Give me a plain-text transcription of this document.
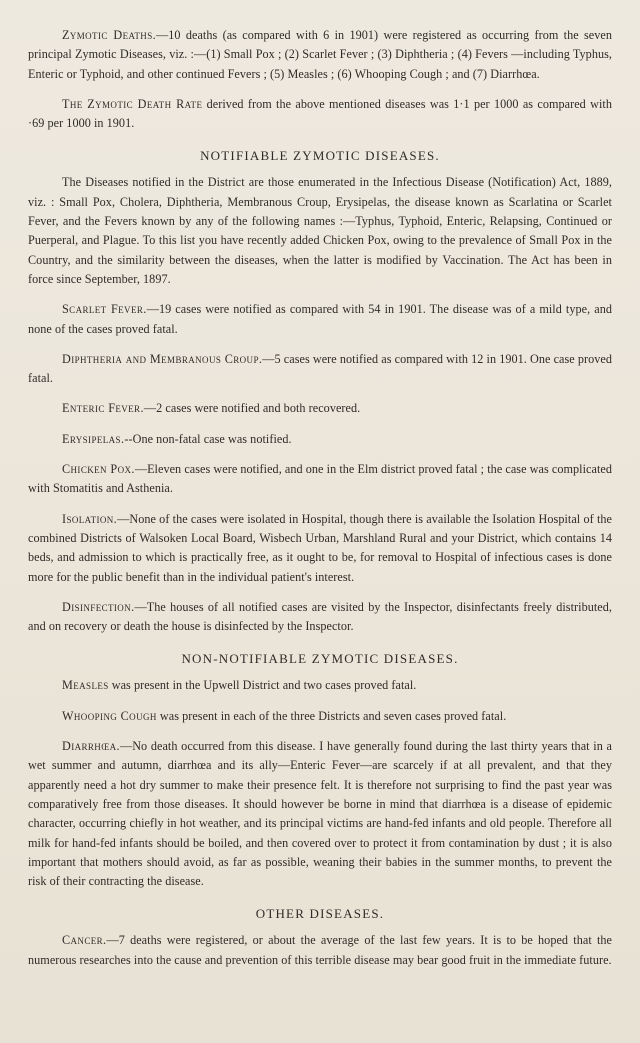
Zymotic Deaths.—10 deaths (as compared with 6 in 1901) were registered as occurring from the seven principal Zymotic Diseases, viz. :—(1) Small Pox ; (2) Scarlet Fever ; (3) Diphtheria ; (4) Fevers —including Typhus, Enteric or Typhoid, and other continued Fevers ; (5) Measles ; (6) Whooping Cough ; and (7) Diarrhœa.

The Zymotic Death Rate derived from the above mentioned diseases was 1·1 per 1000 as compared with ·69 per 1000 in 1901.

NOTIFIABLE ZYMOTIC DISEASES.

The Diseases notified in the District are those enumerated in the Infectious Disease (Notification) Act, 1889, viz. : Small Pox, Cholera, Diphtheria, Membranous Croup, Erysipelas, the disease known as Scarlatina or Scarlet Fever, and the Fevers known by any of the following names :—Typhus, Typhoid, Enteric, Relapsing, Continued or Puerperal, and Plague. To this list you have recently added Chicken Pox, owing to the prevalence of Small Pox in the Country, and the similarity between the diseases, when the latter is modified by Vaccination. The Act has been in force since September, 1897.

Scarlet Fever.—19 cases were notified as compared with 54 in 1901. The disease was of a mild type, and none of the cases proved fatal.

Diphtheria and Membranous Croup.—5 cases were notified as compared with 12 in 1901. One case proved fatal.

Enteric Fever.—2 cases were notified and both recovered.

Erysipelas.--One non-fatal case was notified.

Chicken Pox.—Eleven cases were notified, and one in the Elm district proved fatal ; the case was complicated with Stomatitis and Asthenia.

Isolation.—None of the cases were isolated in Hospital, though there is available the Isolation Hospital of the combined Districts of Walsoken Local Board, Wisbech Urban, Marshland Rural and your District, which contains 14 beds, and admission to which is practically free, as it ought to be, for removal to Hospital of infectious cases is done more for the public benefit than in the individual patient's interest.

Disinfection.—The houses of all notified cases are visited by the Inspector, disinfectants freely distributed, and on recovery or death the house is disinfected by the Inspector.

NON-NOTIFIABLE ZYMOTIC DISEASES.

Measles was present in the Upwell District and two cases proved fatal.

Whooping Cough was present in each of the three Districts and seven cases proved fatal.

Diarrhœa.—No death occurred from this disease. I have generally found during the last thirty years that in a wet summer and autumn, diarrhœa and its ally—Enteric Fever—are scarcely if at all prevalent, and that they apparently need a hot dry summer to make their presence felt. It is therefore not surprising to find the past year was comparatively free from those diseases. It should however be borne in mind that diarrhœa is a disease of epidemic character, occurring chiefly in hot weather, and its principal victims are hand-fed infants and old people. Therefore all milk for hand-fed infants should be boiled, and then covered over to protect it from contamination by dust ; it is also important that mothers should avoid, as far as possible, weaning their babies in the summer months, to prevent the risk of their contracting the disease.

OTHER DISEASES.

Cancer.—7 deaths were registered, or about the average of the last few years. It is to be hoped that the numerous researches into the cause and prevention of this terrible disease may bear good fruit in the immediate future.
